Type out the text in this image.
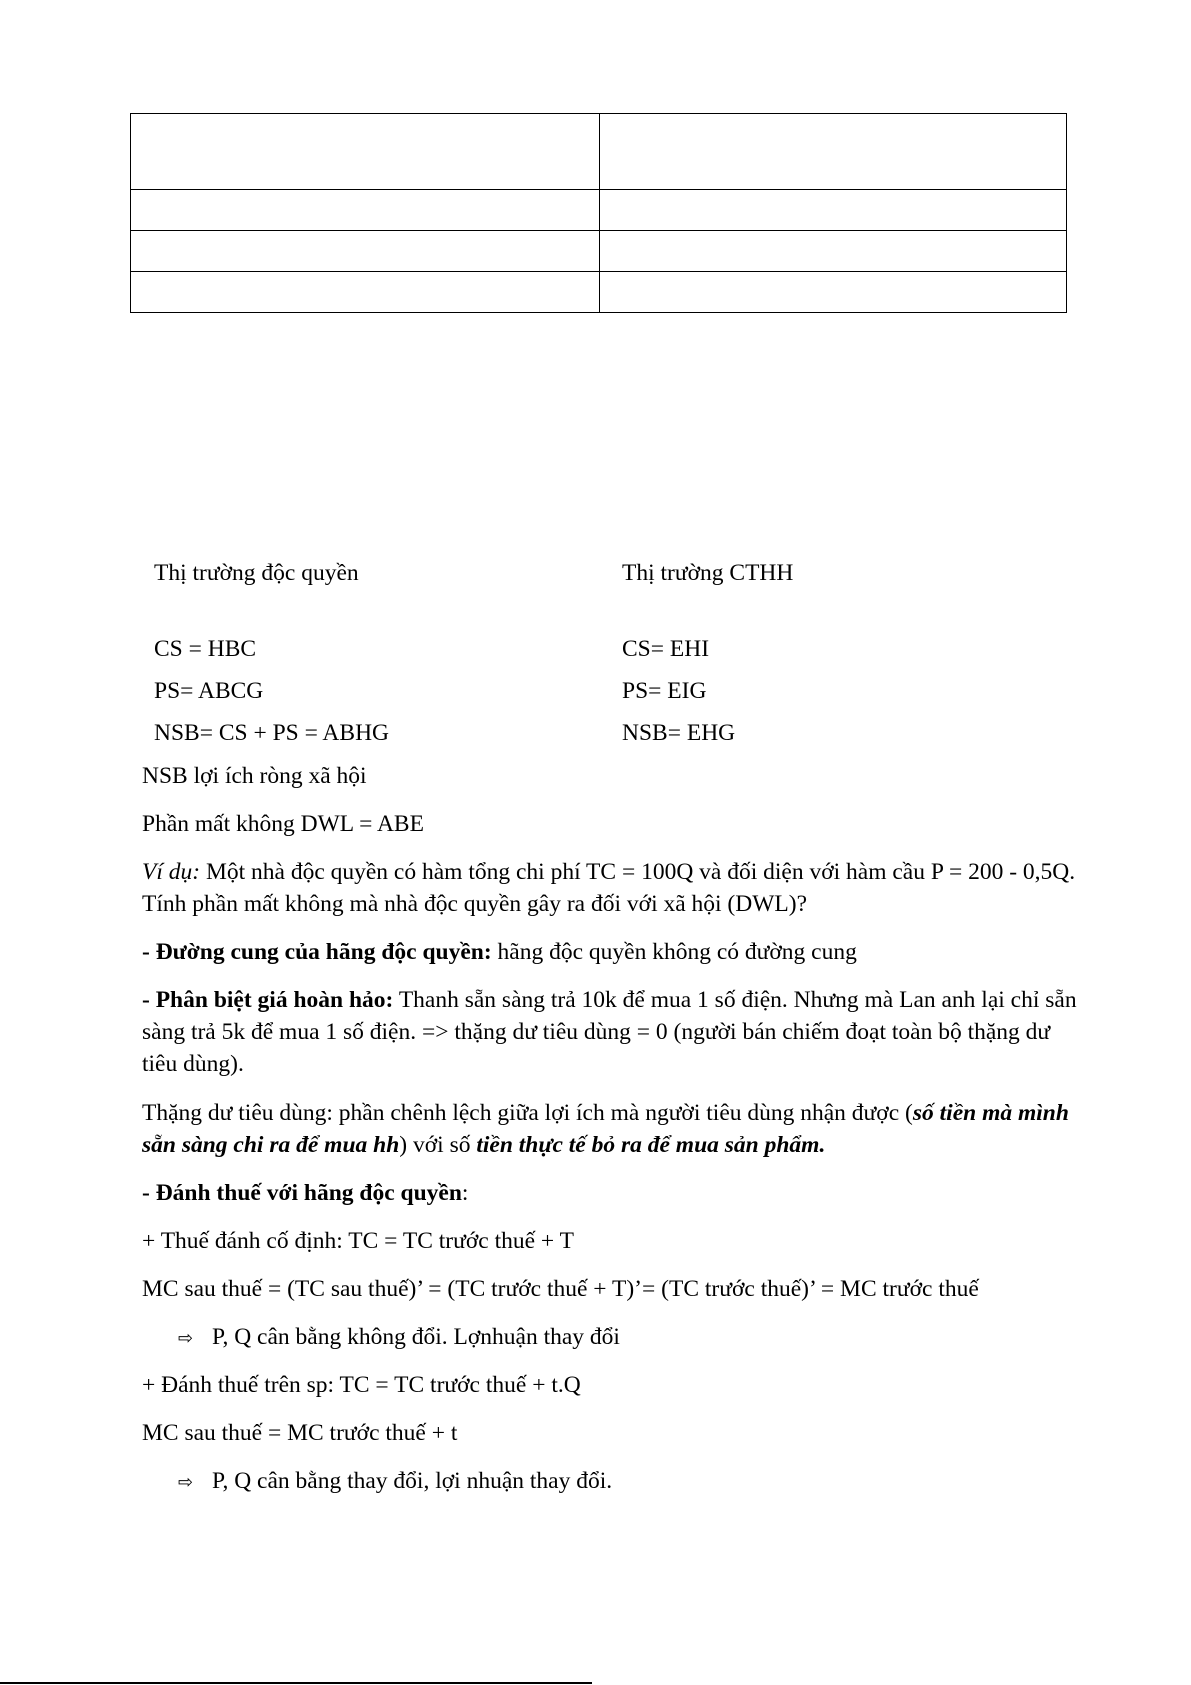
Thị trường độc quyền	Thị trường CTHH
CS = HBC	CS= EHI
PS= ABCG	PS= EIG
NSB= CS + PS = ABHG	NSB= EHG
NSB lợi ích ròng xã hội
Phần mất không DWL = ABE
Ví dụ: Một nhà độc quyền có hàm tổng chi phí TC = 100Q và đối diện với hàm cầu P = 200 - 0,5Q. Tính phần mất không mà nhà độc quyền gây ra đối với xã hội (DWL)?
- Đường cung của hãng độc quyền: hãng độc quyền không có đường cung
- Phân biệt giá hoàn hảo: Thanh sẵn sàng trả 10k để mua 1 số điện. Nhưng mà Lan anh lại chỉ sẵn sàng trả 5k để mua 1 số điện. => thặng dư tiêu dùng = 0 (người bán chiếm đoạt toàn bộ thặng dư tiêu dùng).
Thặng dư tiêu dùng: phần chênh lệch giữa lợi ích mà người tiêu dùng nhận được (số tiền mà mình sẵn sàng chi ra để mua hh) với số tiền thực tế bỏ ra để mua sản phẩm.
- Đánh thuế với hãng độc quyền:
+ Thuế đánh cố định: TC = TC trước thuế + T
MC sau thuế = (TC sau thuế)’ = (TC trước thuế + T)’= (TC trước thuế)’ = MC trước thuế
⇨ P, Q cân bằng không đổi. Lợnhuận thay đổi
+ Đánh thuế trên sp: TC = TC trước thuế + t.Q
MC sau thuế = MC trước thuế + t
⇨ P, Q cân bằng thay đổi, lợi nhuận thay đổi.
